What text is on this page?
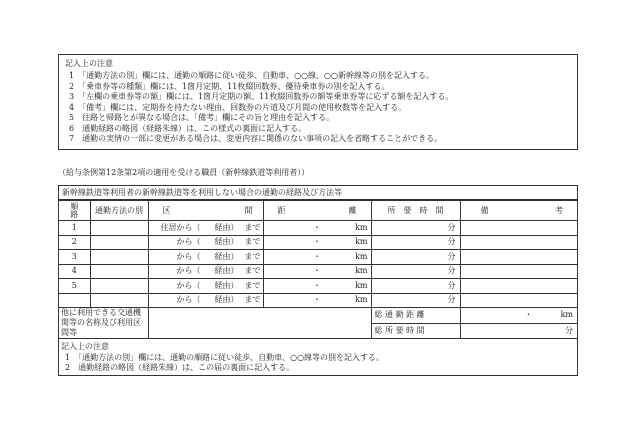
記入上の注意
1　 「通勤方法の別」欄には、通勤の順路に従い徒歩、自動車、○○線、○○新幹線等の別を記入する。
2　 「乗車券等の種類」欄には、1箇月定期、11枚綴回数券、優待乗車券の別を記入する。
3　 「左欄の乗車券等の額」欄には、1箇月定期の額、11枚綴回数券の額等乗車券等に応ずる額を記入する。
4　 「備考」欄には、定期券を持たない理由、回数券の片道及び月間の使用枚数等を記入する。
5　 往路と帰路とが異なる場合は、「備考」欄にその旨と理由を記入する。
6　 通勤経路の略図（経路朱線）は、この様式の裏面に記入する。
7　 通勤の実情の一部に変更がある場合は、変更内容に関係のない事項の記入を省略することができる。
（給与条例第12条第2項の適用を受ける職員（新幹線鉄道等利用者））
新幹線鉄道等利用者の新幹線鉄道等を利用しない場合の通勤の経路及び方法等
順
路	通勤方法の別	区 間	距 離		所　要　時　間	備 考

1		住居から（ 経由） まで	・	km	分	
2		から（ 経由） まで	・	km	分	
3		から（ 経由） まで	・	km	分	
4		から（ 経由） まで	・	km	分	
5		から（ 経由） まで	・	km	分	
		から（ 経由） まで	・	km	分	
他に利用できる交通機
関等の名称及び利用区
間等					総 通 勤 距 離	・ km

					総 所 要 時 間	分
記入上の注意
1　 「通勤方法の別」欄には、通勤の順路に従い徒歩、自動車、○○線等の別を記入する。
2　 通勤経路の略図（経路朱線）は、この届の裏面に記入する。
